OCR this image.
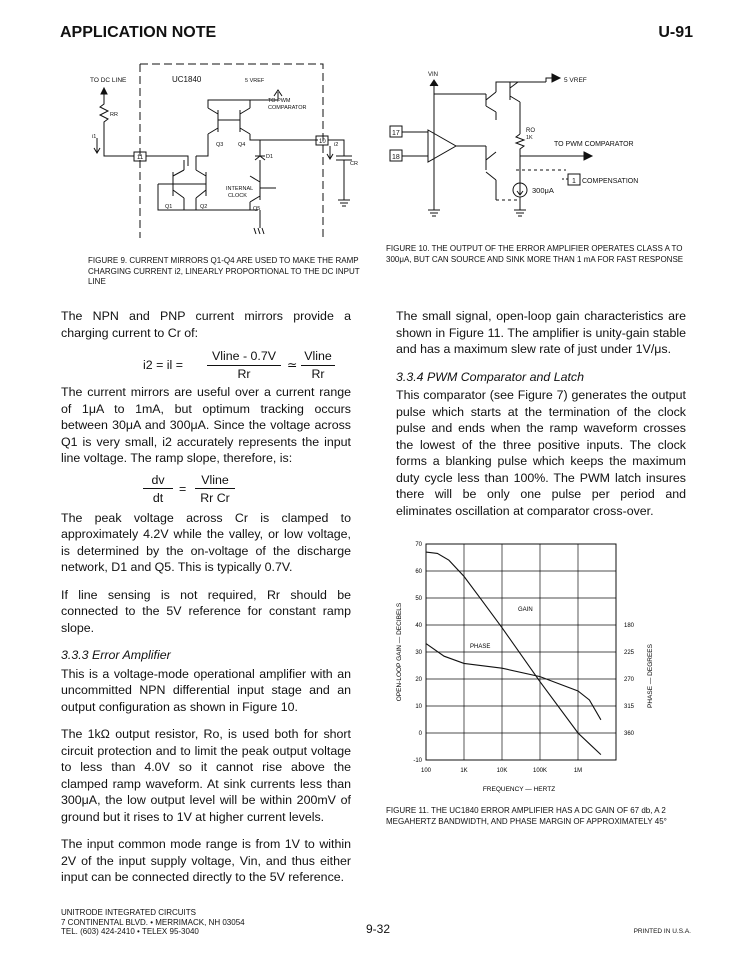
APPLICATION NOTE	U-91
TO DC LINE	UC1840	5 VREF
TO PWM
COMPARATOR
RR
i1
i2
CR
11
10
Q1	Q2
Q3	Q4
Q5
D1
INTERNAL
CLOCK
FIGURE 9. CURRENT MIRRORS Q1-Q4 ARE USED TO MAKE THE RAMP CHARGING CURRENT i2, LINEARLY PROPORTIONAL TO THE DC INPUT LINE
VIN
5 VREF
RO
1K
17
18
TO PWM COMPARATOR
1 COMPENSATION
300μA
FIGURE 10. THE OUTPUT OF THE ERROR AMPLIFIER OPERATES CLASS A TO 300μA, BUT CAN SOURCE AND SINK MORE THAN 1 mA FOR FAST RESPONSE

The NPN and PNP current mirrors provide a charging current to Cr of:

i2 = il =
Vline - 0.7V
Rr
≃
Vline
Rr

The current mirrors are useful over a current range of 1μA to 1mA, but optimum tracking occurs between 30μA and 300μA. Since the voltage across Q1 is very small, i2 accurately represents the input line voltage. The ramp slope, therefore, is:

dv
dt
=
Vline
Rr Cr

The peak voltage across Cr is clamped to approximately 4.2V while the valley, or low voltage, is determined by the on-voltage of the discharge network, D1 and Q5. This is typically 0.7V.

If line sensing is not required, Rr should be connected to the 5V reference for constant ramp slope.

3.3.3 Error Amplifier

This is a voltage-mode operational amplifier with an uncommitted NPN differential input stage and an output configuration as shown in Figure 10.

The 1kΩ output resistor, Ro, is used both for short circuit protection and to limit the peak output voltage to less than 4.0V so it cannot rise above the clamped ramp waveform. At sink currents less than 300μA, the low output level will be within 200mV of ground but it rises to 1V at higher current levels.

The input common mode range is from 1V to within 2V of the input supply voltage, Vin, and thus either input can be connected directly to the 5V reference.

The small signal, open-loop gain characteristics are shown in Figure 11. The amplifier is unity-gain stable and has a maximum slew rate of just under 1V/μs.

3.3.4 PWM Comparator and Latch

This comparator (see Figure 7) generates the output pulse which starts at the termination of the clock pulse and ends when the ramp waveform crosses the lowest of the three positive inputs. The clock forms a blanking pulse which keeps the maximum duty cycle less than 100%. The PWM latch insures there will be only one pulse per period and eliminates oscillation at comparator cross-over.

70
60
50
40
30
20
10
0
-10
180
225
270
315
360
100	1K	10K	100K	1M
OPEN-LOOP GAIN — DECIBELS	PHASE — DEGREES
FREQUENCY — HERTZ
GAIN
PHASE
FIGURE 11. THE UC1840 ERROR AMPLIFIER HAS A DC GAIN OF 67 db, A 2 MEGAHERTZ BANDWIDTH, AND PHASE MARGIN OF APPROXIMATELY 45°
UNITRODE INTEGRATED CIRCUITS
7 CONTINENTAL BLVD. • MERRIMACK, NH 03054
TEL. (603) 424-2410 • TELEX 95-3040	9-32	PRINTED IN U.S.A.
